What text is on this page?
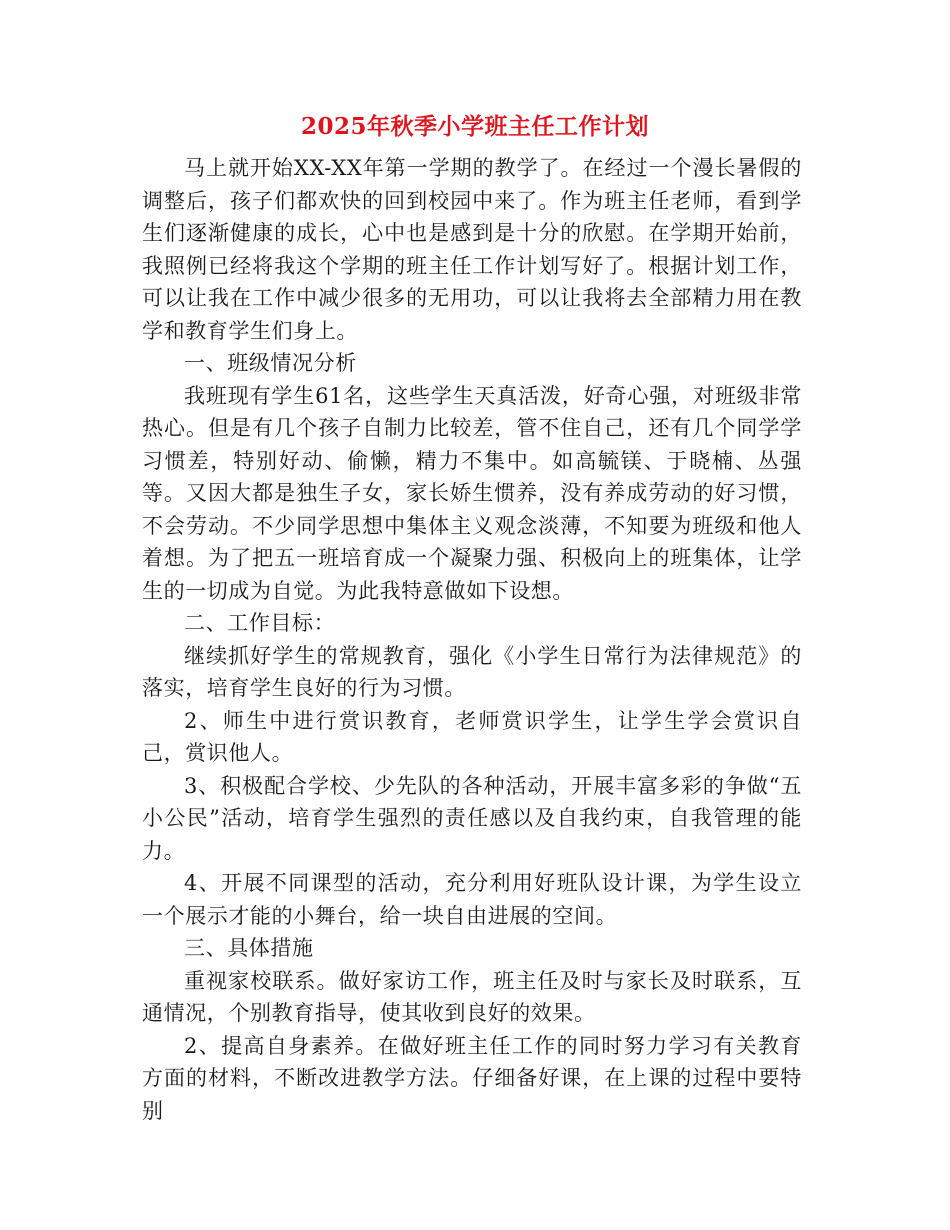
2025年秋季小学班主任工作计划

马上就开始XX-XX年第一学期的教学了。在经过一个漫长暑假的调整后，孩子们都欢快的回到校园中来了。作为班主任老师，看到学生们逐渐健康的成长，心中也是感到是十分的欣慰。在学期开始前，我照例已经将我这个学期的班主任工作计划写好了。根据计划工作，可以让我在工作中减少很多的无用功，可以让我将去全部精力用在教学和教育学生们身上。

一、班级情况分析

我班现有学生61名，这些学生天真活泼，好奇心强，对班级非常热心。但是有几个孩子自制力比较差，管不住自己，还有几个同学学习惯差，特别好动、偷懒，精力不集中。如高毓镁、于晓楠、丛强等。又因大都是独生子女，家长娇生惯养，没有养成劳动的好习惯，不会劳动。不少同学思想中集体主义观念淡薄，不知要为班级和他人着想。为了把五一班培育成一个凝聚力强、积极向上的班集体，让学生的一切成为自觉。为此我特意做如下设想。

二、工作目标：

继续抓好学生的常规教育，强化《小学生日常行为法律规范》的落实，培育学生良好的行为习惯。

2、师生中进行赏识教育，老师赏识学生，让学生学会赏识自己，赏识他人。

3、积极配合学校、少先队的各种活动，开展丰富多彩的争做“五小公民”活动，培育学生强烈的责任感以及自我约束，自我管理的能力。

4、开展不同课型的活动，充分利用好班队设计课，为学生设立一个展示才能的小舞台，给一块自由进展的空间。

三、具体措施

重视家校联系。做好家访工作，班主任及时与家长及时联系，互通情况，个别教育指导，使其收到良好的效果。

2、提高自身素养。在做好班主任工作的同时努力学习有关教育方面的材料，不断改进教学方法。仔细备好课，在上课的过程中要特别
